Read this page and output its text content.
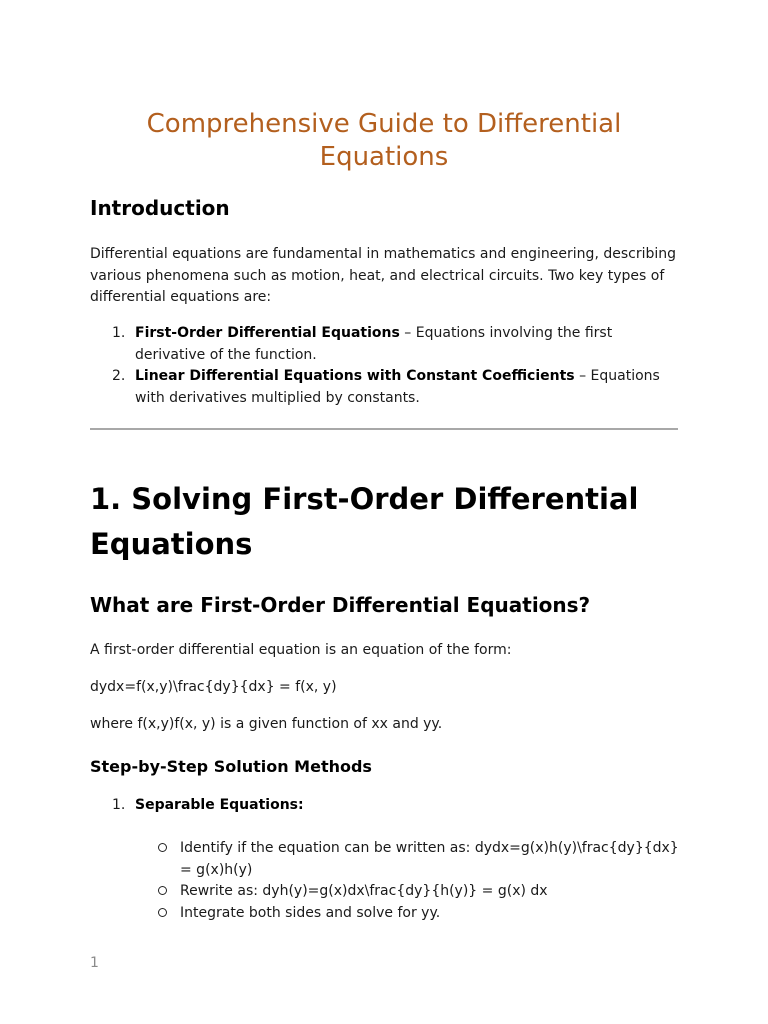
Comprehensive Guide to Differential Equations
Introduction

Differential equations are fundamental in mathematics and engineering, describing various phenomena such as motion, heat, and electrical circuits. Two key types of differential equations are:

1. First-Order Differential Equations – Equations involving the first derivative of the function.
2. Linear Differential Equations with Constant Coefficients – Equations with derivatives multiplied by constants.
1. Solving First-Order Differential Equations
What are First-Order Differential Equations?

A first-order differential equation is an equation of the form:

dydx=f(x,y)\frac{dy}{dx} = f(x, y)

where f(x,y)f(x, y) is a given function of xx and yy.

Step-by-Step Solution Methods
1. Separable Equations:
Identify if the equation can be written as: dydx=g(x)h(y)\frac{dy}{dx} = g(x)h(y)
Rewrite as: dyh(y)=g(x)dx\frac{dy}{h(y)} = g(x) dx
Integrate both sides and solve for yy.

1
